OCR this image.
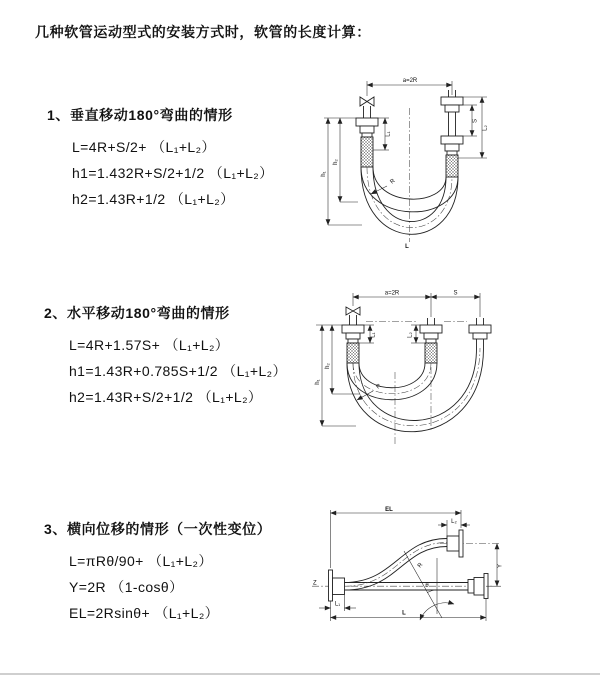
几种软管运动型式的安装方式时，软管的长度计算：
1、垂直移动180°弯曲的情形
L=4R+S/2+ （L₁+L₂）
h1=1.432R+S/2+1/2 （L₁+L₂）
h2=1.43R+1/2 （L₁+L₂）
2、水平移动180°弯曲的情形
L=4R+1.57S+ （L₁+L₂）
h1=1.43R+0.785S+1/2 （L₁+L₂）
h2=1.43R+S/2+1/2 （L₁+L₂）
3、横向位移的情形（一次性变位）
L=πRθ/90+ （L₁+L₂）
Y=2R （1-cosθ）
EL=2Rsinθ+ （L₁+L₂）
a=2R
S
L₂
h₂
h₁
L₁
R
L
a=2R	S
h₂
h₁
L₁	L₂
R
θ
R
EL
L₂
Y
L
L₁
Z
